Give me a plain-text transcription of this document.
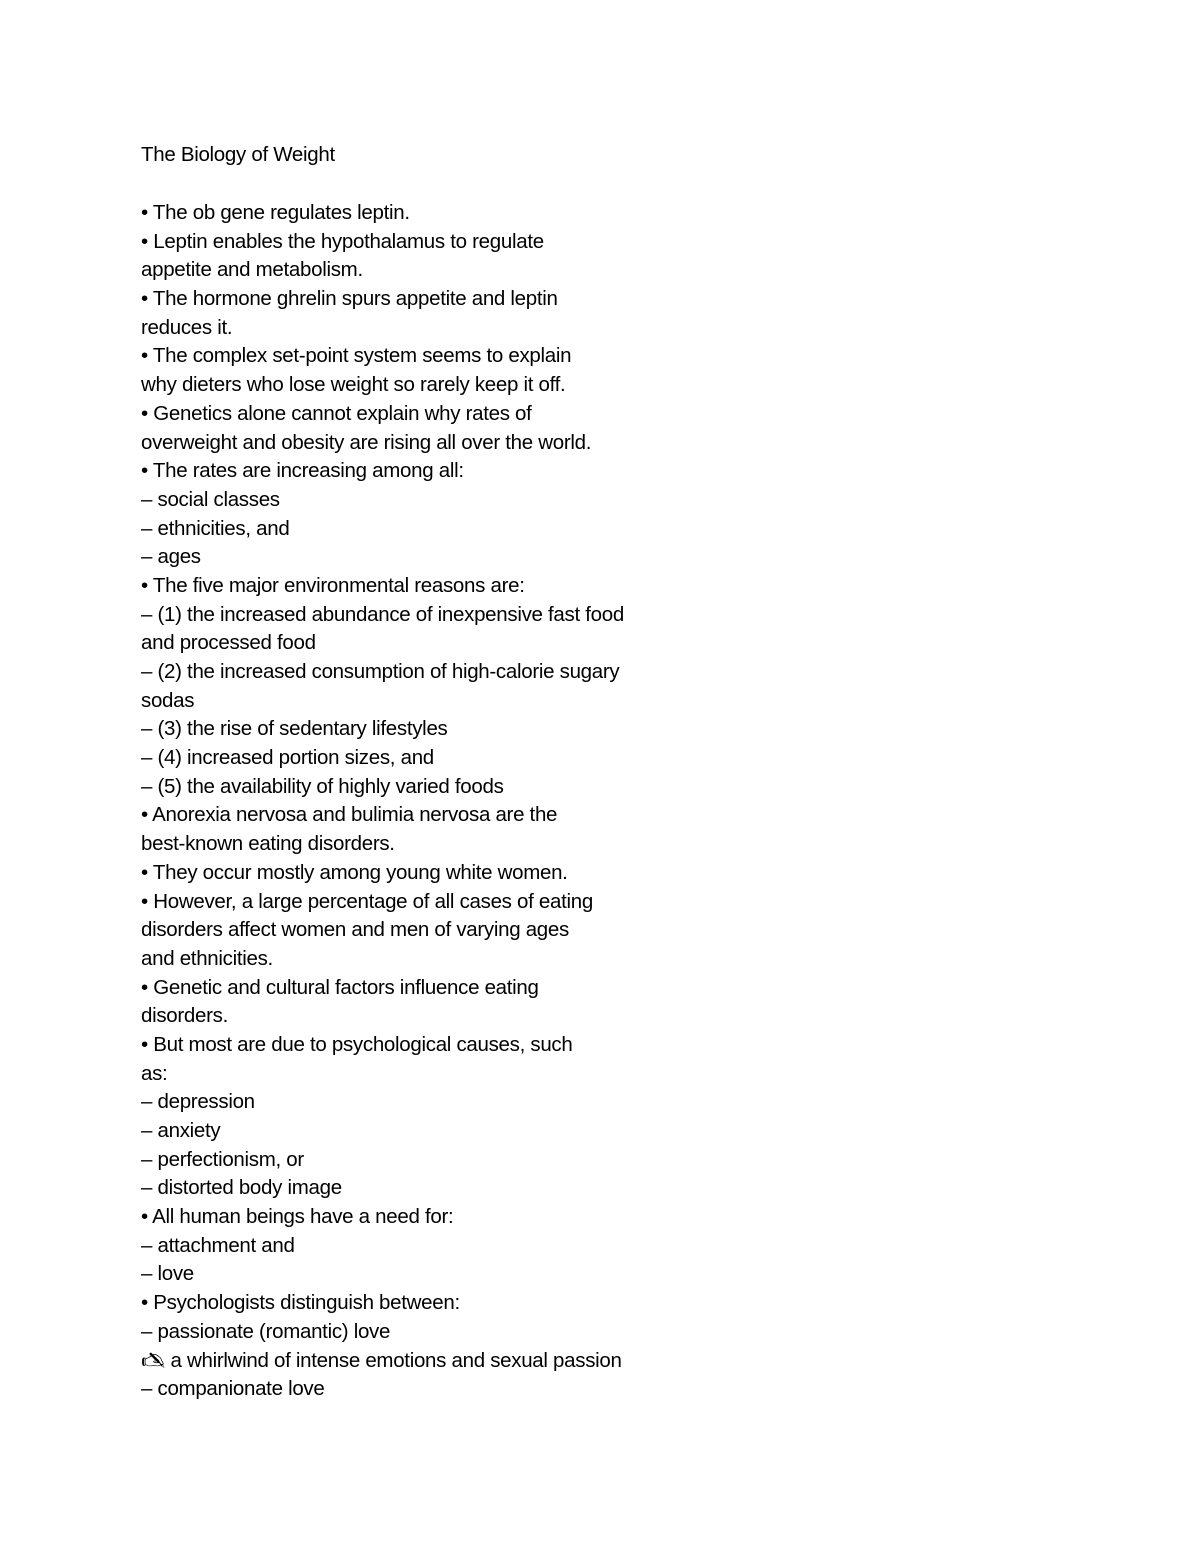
The Biology of Weight
• The ob gene regulates leptin.
• Leptin enables the hypothalamus to regulate
appetite and metabolism.
• The hormone ghrelin spurs appetite and leptin
reduces it.
• The complex set-point system seems to explain
why dieters who lose weight so rarely keep it off.
• Genetics alone cannot explain why rates of
overweight and obesity are rising all over the world.
• The rates are increasing among all:
– social classes
– ethnicities, and
– ages
• The five major environmental reasons are:
– (1) the increased abundance of inexpensive fast food
and processed food
– (2) the increased consumption of high-calorie sugary
sodas
– (3) the rise of sedentary lifestyles
– (4) increased portion sizes, and
– (5) the availability of highly varied foods
• Anorexia nervosa and bulimia nervosa are the
best-known eating disorders.
• They occur mostly among young white women.
• However, a large percentage of all cases of eating
disorders affect women and men of varying ages
and ethnicities.
• Genetic and cultural factors influence eating
disorders.
• But most are due to psychological causes, such
as:
– depression
– anxiety
– perfectionism, or
– distorted body image
• All human beings have a need for:
– attachment and
– love
• Psychologists distinguish between:
– passionate (romantic) love
🖎 a whirlwind of intense emotions and sexual passion
– companionate love
